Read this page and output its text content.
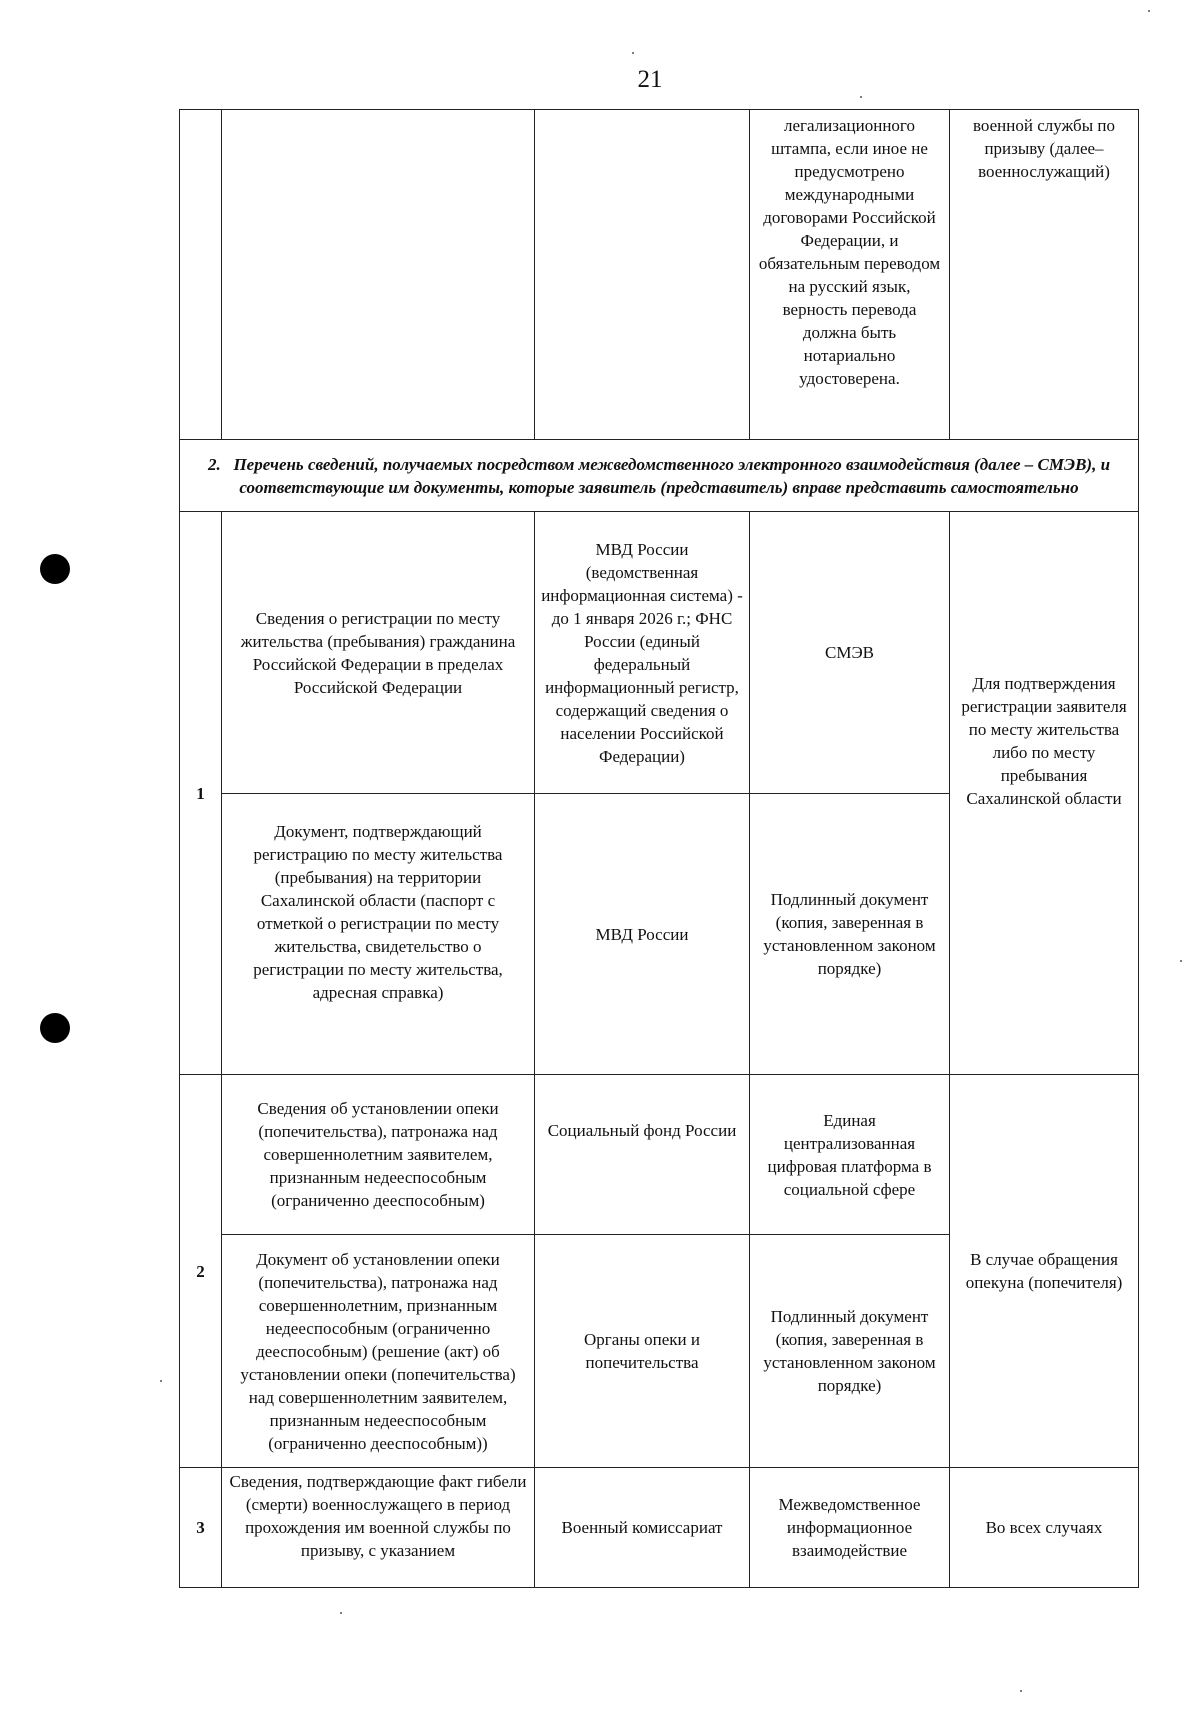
21
			легализационного штампа, если иное не предусмотрено международными договорами Российской Федерации, и обязательным переводом на русский язык, верность перевода должна быть нотариально удостоверена.	военной службы по призыву (далее– военнослужащий)
2.   Перечень сведений, получаемых посредством межведомственного электронного взаимодействия (далее – СМЭВ), и соответствующие им документы, которые заявитель (представитель) вправе представить самостоятельно				
1	Сведения о регистрации по месту жительства (пребывания) гражданина Российской Федерации в пределах Российской Федерации	МВД России (ведомственная информационная система) - до 1 января 2026 г.; ФНС России (единый федеральный информационный регистр, содержащий сведения о населении Российской Федерации)	СМЭВ	Для подтверждения регистрации заявителя по месту жительства либо по месту пребывания Сахалинской области
	Документ, подтверждающий регистрацию по месту жительства (пребывания) на территории Сахалинской области (паспорт с отметкой о регистрации по месту жительства, свидетельство о регистрации по месту жительства, адресная справка)	МВД России	Подлинный документ (копия, заверенная в установленном законом порядке)	
2	Сведения об установлении опеки (попечительства), патронажа над совершеннолетним заявителем, признанным недееспособным (ограниченно дееспособным)	Социальный фонд России	Единая централизованная цифровая платформа в социальной сфере	В случае обращения опекуна (попечителя)
	Документ об установлении опеки (попечительства), патронажа над совершеннолетним, признанным недееспособным (ограниченно дееспособным) (решение (акт) об установлении опеки (попечительства) над совершеннолетним заявителем, признанным недееспособным (ограниченно дееспособным))	Органы опеки и попечительства	Подлинный документ (копия, заверенная в установленном законом порядке)	
3	Сведения, подтверждающие факт гибели (смерти) военнослужащего в период прохождения им военной службы по призыву, с указанием	Военный комиссариат	Межведомственное информационное взаимодействие	Во всех случаях
